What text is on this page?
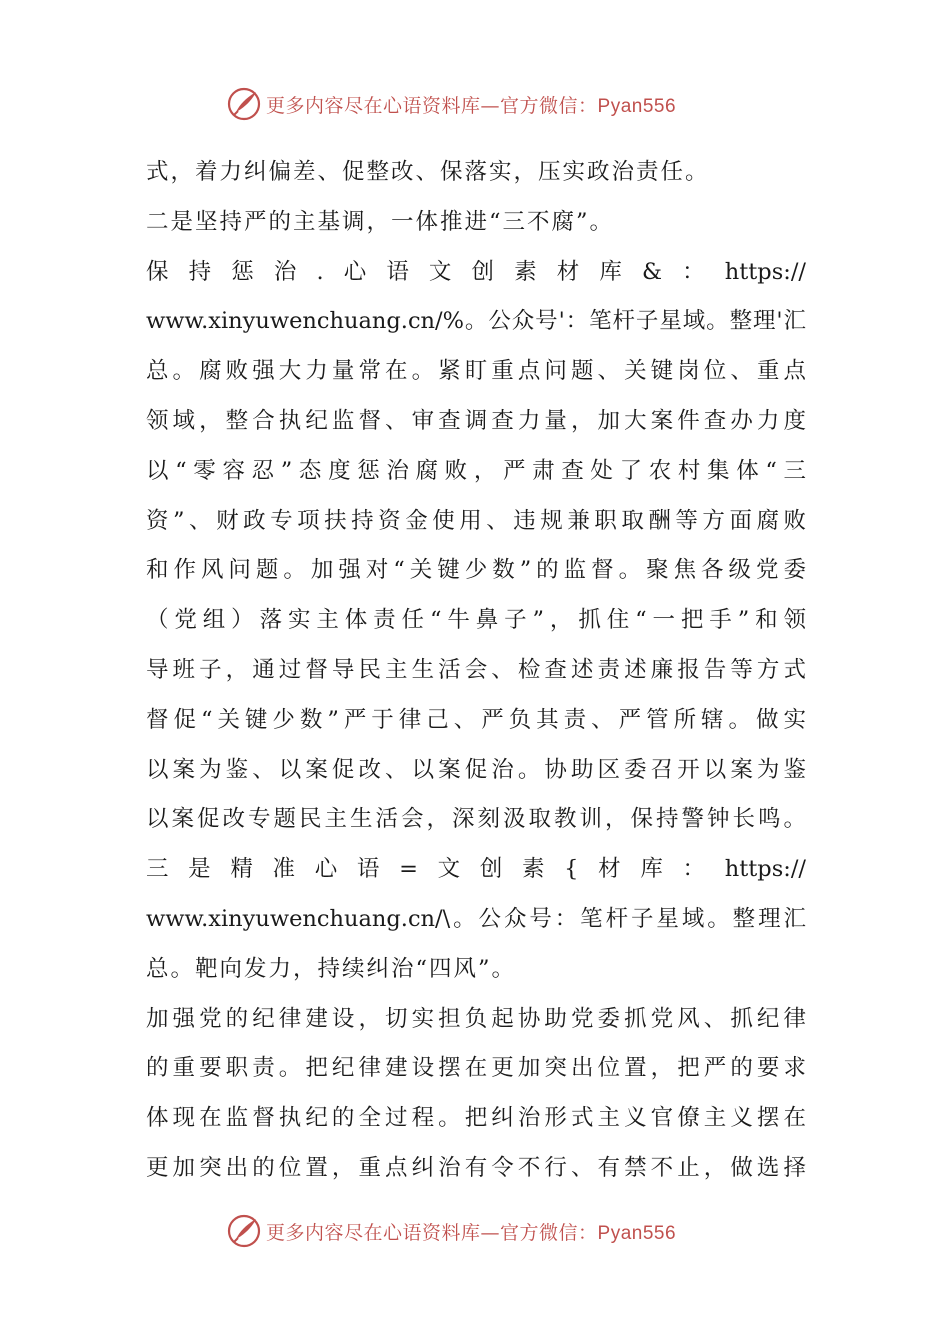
更多内容尽在心语资料库—官方微信：Pyan556
式，着力纠偏差、促整改、保落实，压实政治责任。
二是坚持严的主基调，一体推进“三不腐”。
保持惩治.心语文创素材库&：https://
www.xinyuwenchuang.cn/%。公众号'：笔杆子星域。整理'汇
总。腐败强大力量常在。紧盯重点问题、关键岗位、重点
领域，整合执纪监督、审查调查力量，加大案件查办力度
以“零容忍”态度惩治腐败，严肃查处了农村集体“三
资”、财政专项扶持资金使用、违规兼职取酬等方面腐败
和作风问题。加强对“关键少数”的监督。聚焦各级党委
（党组）落实主体责任“牛鼻子”，抓住“一把手”和领
导班子，通过督导民主生活会、检查述责述廉报告等方式
督促“关键少数”严于律己、严负其责、严管所辖。做实
以案为鉴、以案促改、以案促治。协助区委召开以案为鉴
以案促改专题民主生活会，深刻汲取教训，保持警钟长鸣。
三是精准心语=文创素{材库：https://
www.xinyuwenchuang.cn/\。公众号：笔杆子星域。整理汇
总。靶向发力，持续纠治“四风”。
加强党的纪律建设，切实担负起协助党委抓党风、抓纪律
的重要职责。把纪律建设摆在更加突出位置，把严的要求
体现在监督执纪的全过程。把纠治形式主义官僚主义摆在
更加突出的位置，重点纠治有令不行、有禁不止，做选择
更多内容尽在心语资料库—官方微信：Pyan556
